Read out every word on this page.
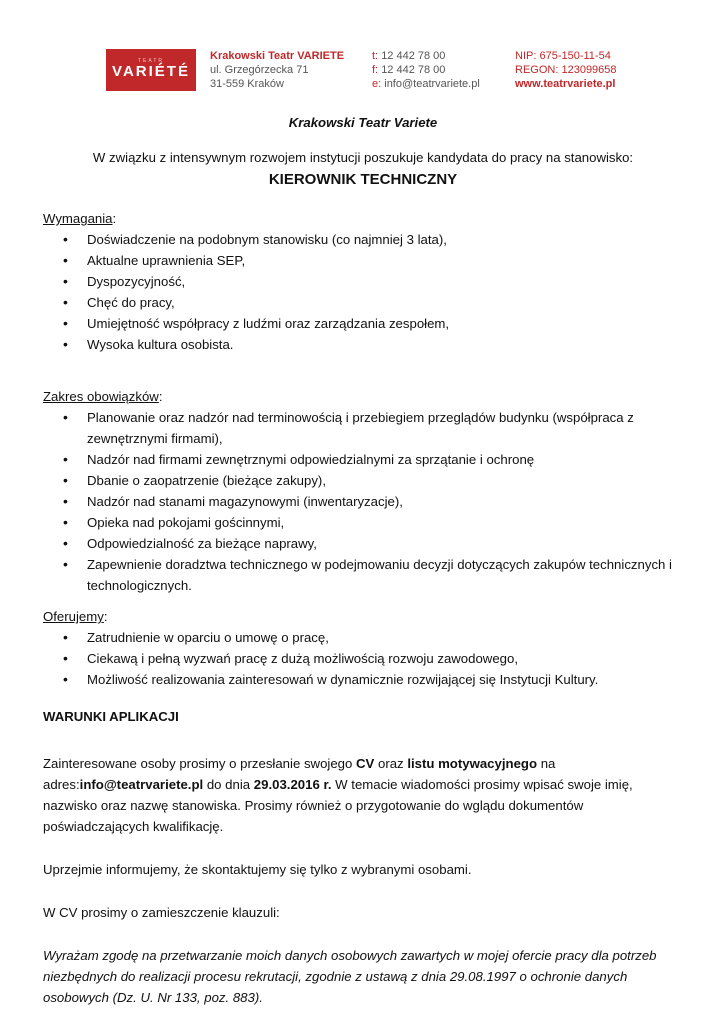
TEATR
VARIÉTÉ
Krakowski Teatr VARIETE
ul. Grzegórzecka 71
31-559 Kraków
t: 12 442 78 00
f: 12 442 78 00
e: info@teatrvariete.pl
NIP: 675-150-11-54
REGON: 123099658
www.teatrvariete.pl
Krakowski Teatr Variete
W związku z intensywnym rozwojem instytucji poszukuje kandydata do pracy na stanowisko:
KIEROWNIK TECHNICZNY
Wymagania:
• Doświadczenie na podobnym stanowisku (co najmniej 3 lata),
• Aktualne uprawnienia SEP,
• Dyspozycyjność,
• Chęć do pracy,
• Umiejętność współpracy z ludźmi oraz zarządzania zespołem,
• Wysoka kultura osobista.
Zakres obowiązków:
• Planowanie oraz nadzór nad terminowością i przebiegiem przeglądów budynku (współpraca z zewnętrznymi firmami),
• Nadzór nad firmami zewnętrznymi odpowiedzialnymi za sprzątanie i ochronę
• Dbanie o zaopatrzenie (bieżące zakupy),
• Nadzór nad stanami magazynowymi (inwentaryzacje),
• Opieka nad pokojami gościnnymi,
• Odpowiedzialność za bieżące naprawy,
• Zapewnienie doradztwa technicznego w podejmowaniu decyzji dotyczących zakupów technicznych i technologicznych.
Oferujemy:
• Zatrudnienie w oparciu o umowę o pracę,
• Ciekawą i pełną wyzwań pracę z dużą możliwością rozwoju zawodowego,
• Możliwość realizowania zainteresowań w dynamicznie rozwijającej się Instytucji Kultury.
WARUNKI APLIKACJI

Zainteresowane osoby prosimy o przesłanie swojego CV oraz listu motywacyjnego na adres:info@teatrvariete.pl do dnia 29.03.2016 r. W temacie wiadomości prosimy wpisać swoje imię, nazwisko oraz nazwę stanowiska. Prosimy również o przygotowanie do wglądu dokumentów poświadczających kwalifikację.

Uprzejmie informujemy, że skontaktujemy się tylko z wybranymi osobami.

W CV prosimy o zamieszczenie klauzuli:

Wyrażam zgodę na przetwarzanie moich danych osobowych zawartych w mojej ofercie pracy dla potrzeb niezbędnych do realizacji procesu rekrutacji, zgodnie z ustawą z dnia 29.08.1997 o ochronie danych osobowych (Dz. U. Nr 133, poz. 883).
